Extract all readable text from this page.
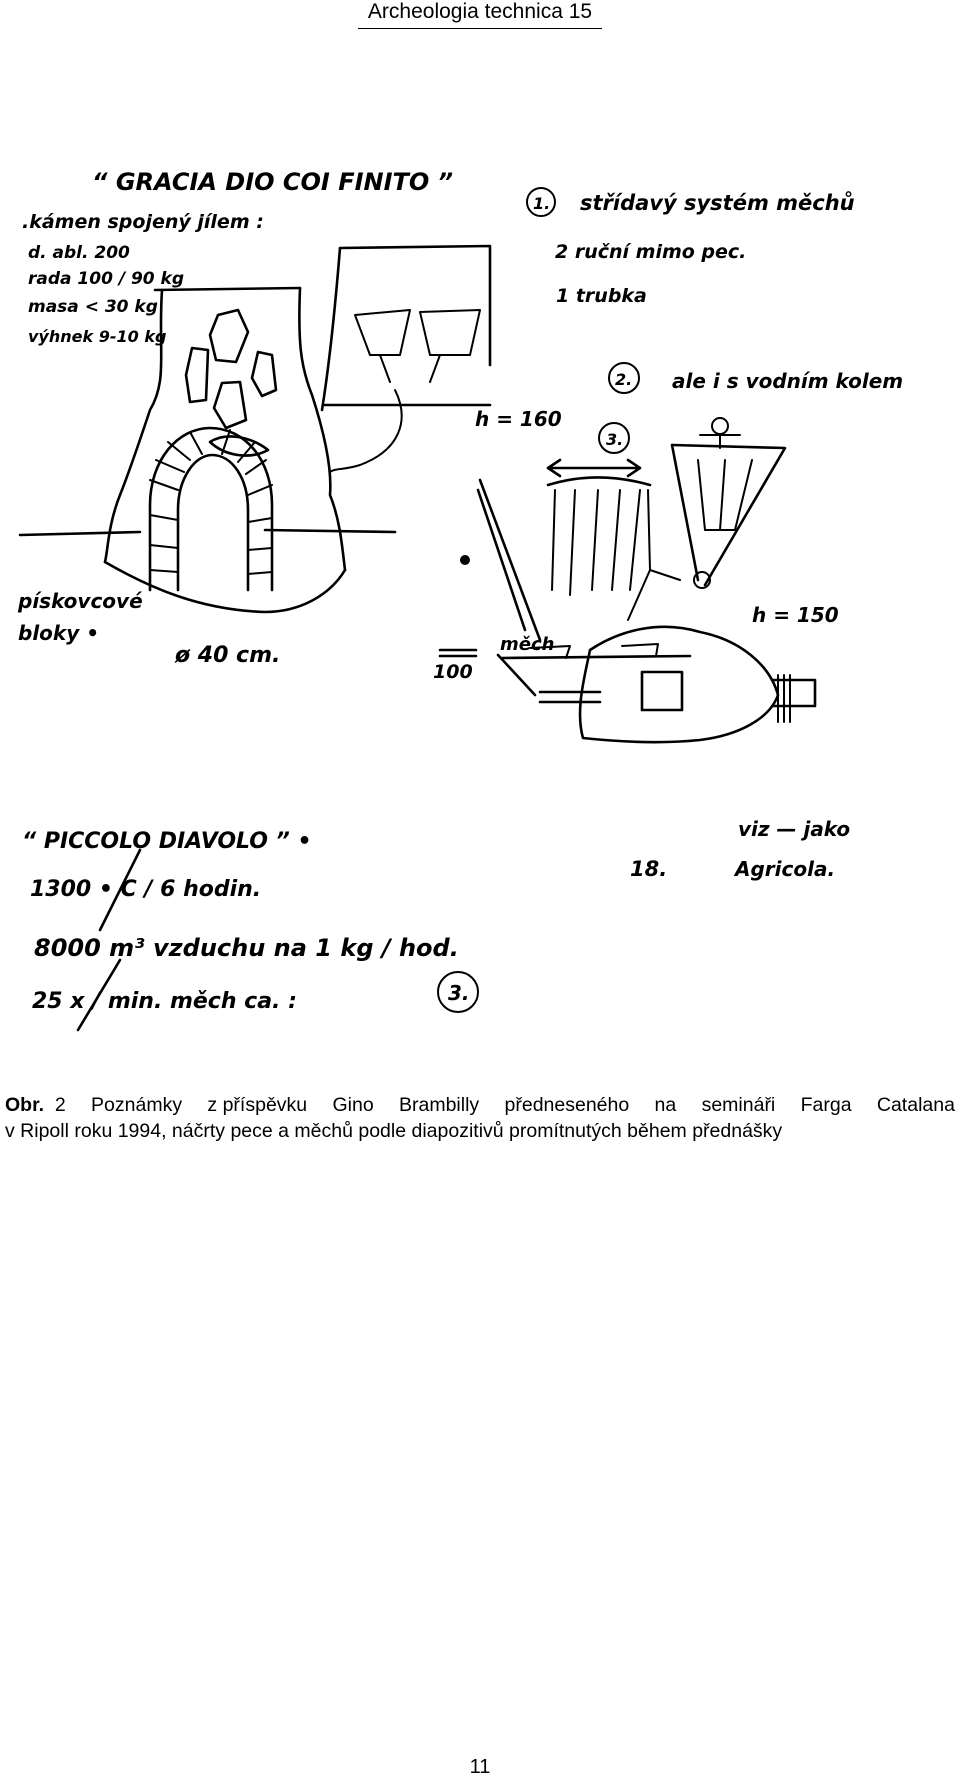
Archeologia technica 15
“ GRACIA DIO COI FINITO ”
.kámen spojený jílem :
d. abl. 200
rada 100 / 90 kg
masa < 30 kg
výhnek 9-10 kg
1. střídavý systém měchů
2 ruční mimo pec.
1 trubka
2. ale i s vodním kolem
h = 160
3.
h = 150
pískovcové
bloky •
ø 40 cm.	měch
100
18.
viz — jako
Agricola.
“ PICCOLO DIAVOLO ” •
1300 • C / 6 hodin.
8000 m³ vzduchu na 1 kg / hod.
25 x / min. měch ca. :	3.
Obr. 2 Poznámky z příspěvku Gino Brambilly předneseného na semináři Farga Catalana
v Ripoll roku 1994, náčrty pece a měchů podle diapozitivů promítnutých během přednášky
11
